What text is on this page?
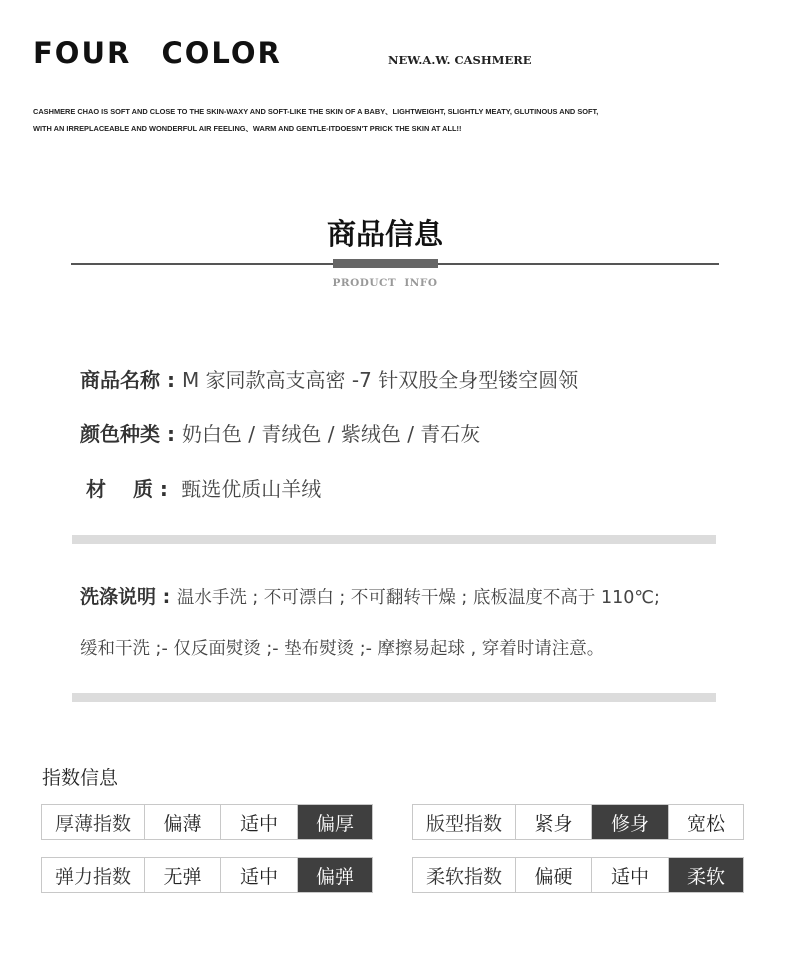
FOUR COLOR	NEW.A.W. CASHMERE
CASHMERE CHAO IS SOFT AND CLOSE TO THE SKIN-WAXY AND SOFT-LIKE THE SKIN OF A BABY、LIGHTWEIGHT, SLIGHTLY MEATY, GLUTINOUS AND SOFT,
WITH AN IRREPLACEABLE AND WONDERFUL AIR FEELING、WARM AND GENTLE-ITDOESN'T PRICK THE SKIN AT ALL!!
商品信息
PRODUCT INFO
商品名称 : M 家同款高支高密 -7 针双股全身型镂空圆领
颜色种类 : 奶白色 / 青绒色 / 紫绒色 / 青石灰
材　 质 :  甄选优质山羊绒
洗涤说明 : 温水手洗 ; 不可漂白 ; 不可翻转干燥 ; 底板温度不高于 110℃;
缓和干洗 ;- 仅反面熨烫 ;- 垫布熨烫 ;- 摩擦易起球 , 穿着时请注意。
指数信息
厚薄指数	偏薄	适中	偏厚	版型指数	紧身	修身	宽松
弹力指数	无弹	适中	偏弹	柔软指数	偏硬	适中	柔软
